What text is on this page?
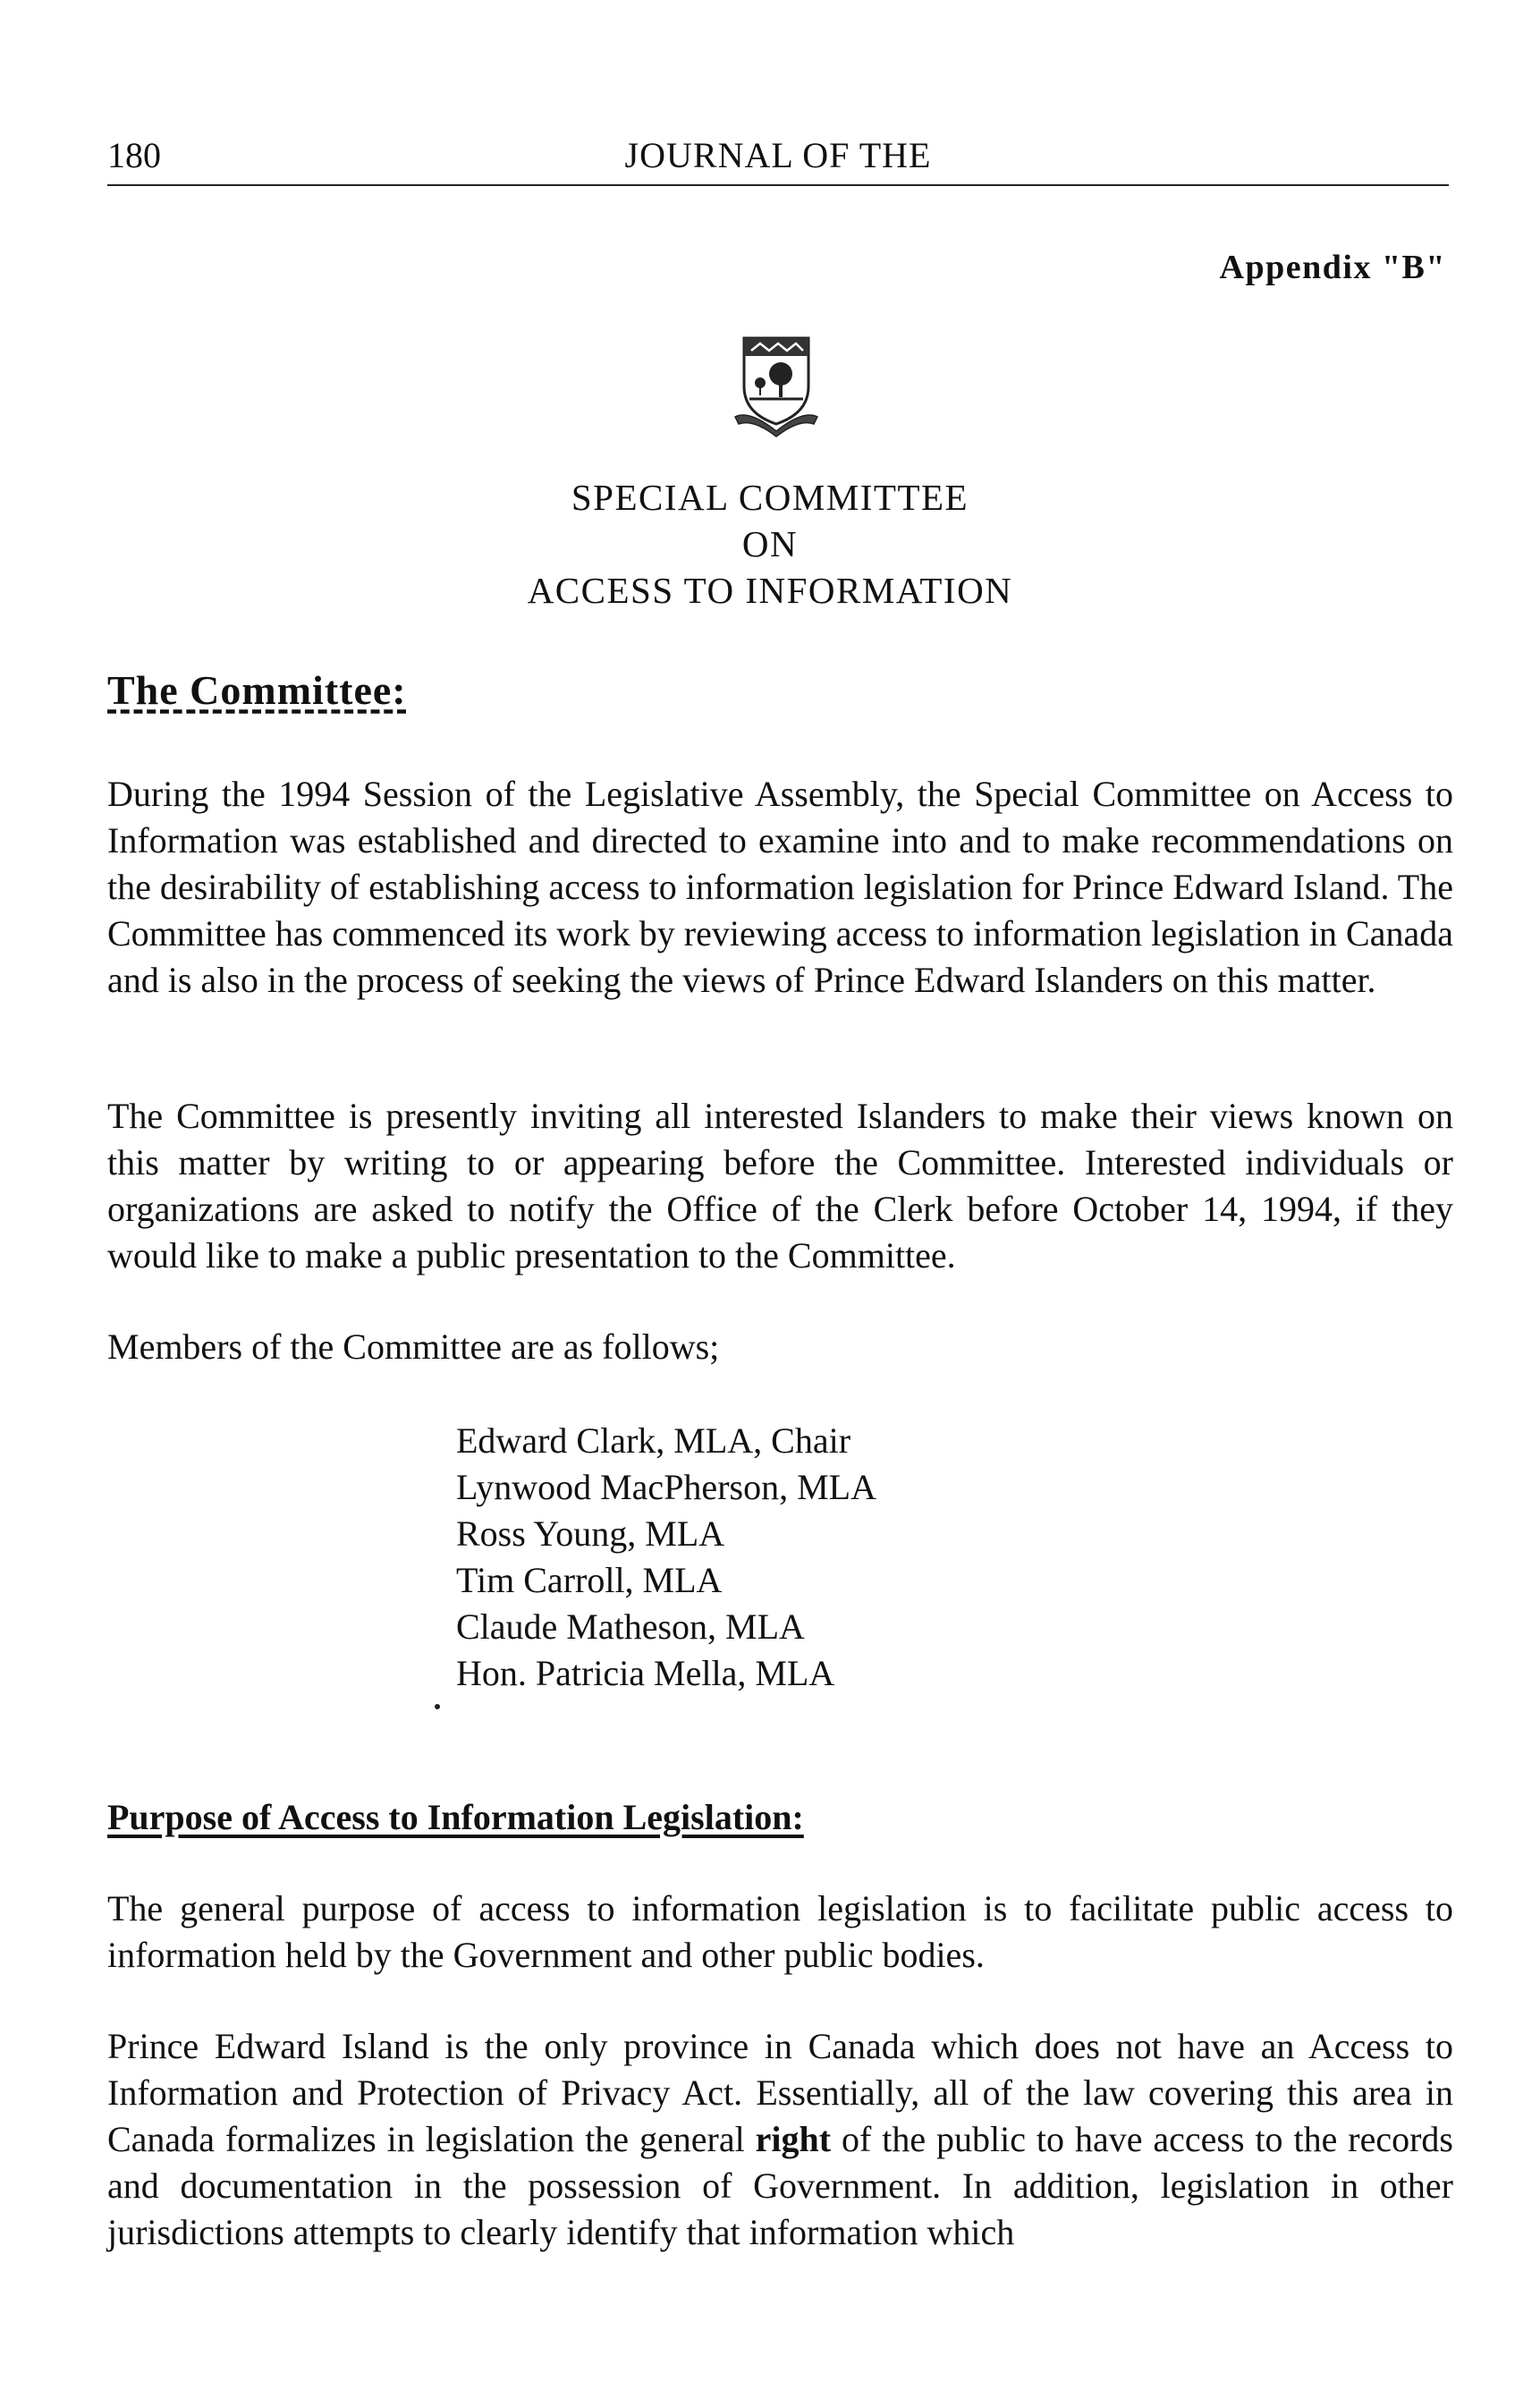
180	JOURNAL OF THE
Appendix "B"
SPECIAL COMMITTEE
ON
ACCESS TO INFORMATION
The Committee:

During the 1994 Session of the Legislative Assembly, the Special Committee on Access to Information was established and directed to examine into and to make recommendations on the desirability of establishing access to information legislation for Prince Edward Island. The Committee has commenced its work by reviewing access to information legislation in Canada and is also in the process of seeking the views of Prince Edward Islanders on this matter.

The Committee is presently inviting all interested Islanders to make their views known on this matter by writing to or appearing before the Committee. Interested individuals or organizations are asked to notify the Office of the Clerk before October 14, 1994, if they would like to make a public presentation to the Committee.

Members of the Committee are as follows;

Edward Clark, MLA, Chair
Lynwood MacPherson, MLA
Ross Young, MLA
Tim Carroll, MLA
Claude Matheson, MLA
Hon. Patricia Mella, MLA
Purpose of Access to Information Legislation:

The general purpose of access to information legislation is to facilitate public access to information held by the Government and other public bodies.

Prince Edward Island is the only province in Canada which does not have an Access to Information and Protection of Privacy Act. Essentially, all of the law covering this area in Canada formalizes in legislation the general right of the public to have access to the records and documentation in the possession of Government. In addition, legislation in other jurisdictions attempts to clearly identify that information which
